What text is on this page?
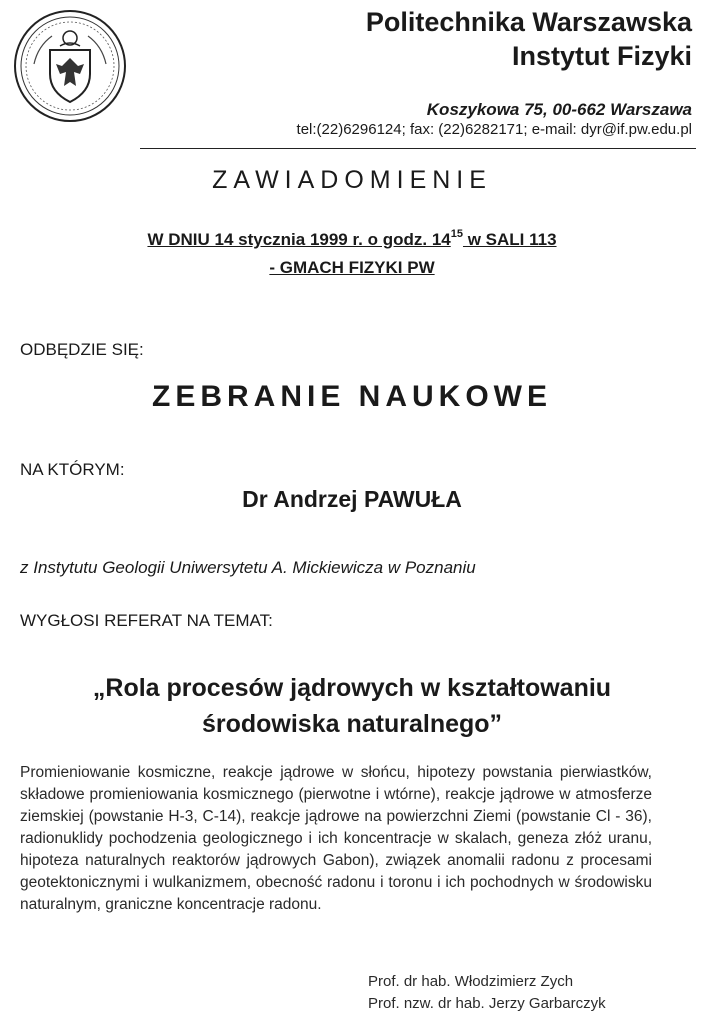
Politechnika Warszawska
Instytut Fizyki
Koszykowa 75, 00-662 Warszawa
tel:(22)6296124; fax: (22)6282171; e-mail: dyr@if.pw.edu.pl
ZAWIADOMIENIE
W DNIU 14 stycznia 1999 r. o godz. $14^{15}$ w SALI 113
- GMACH FIZYKI PW
ODBĘDZIE SIĘ:
ZEBRANIE NAUKOWE
NA KTÓRYM:
Dr Andrzej PAWUŁA
z Instytutu Geologii Uniwersytetu A. Mickiewicza w Poznaniu
WYGŁOSI REFERAT NA TEMAT:
„Rola procesów jądrowych w kształtowaniu
środowiska naturalnego”
Promieniowanie kosmiczne, reakcje jądrowe w słońcu, hipotezy powstania pierwiastków, składowe promieniowania kosmicznego (pierwotne i wtórne), reakcje jądrowe w atmosferze ziemskiej (powstanie H-3, C-14), reakcje jądrowe na powierzchni Ziemi (powstanie Cl - 36), radionuklidy pochodzenia geologicznego i ich koncentracje w skalach, geneza złóż uranu, hipoteza naturalnych reaktorów jądrowych Gabon), związek anomalii radonu z procesami geotektonicznymi i wulkanizmem, obecność radonu i toronu i ich pochodnych w środowisku naturalnym, graniczne koncentracje radonu.
Prof. dr hab. Włodzimierz Zych
Prof. nzw. dr hab. Jerzy Garbarczyk
